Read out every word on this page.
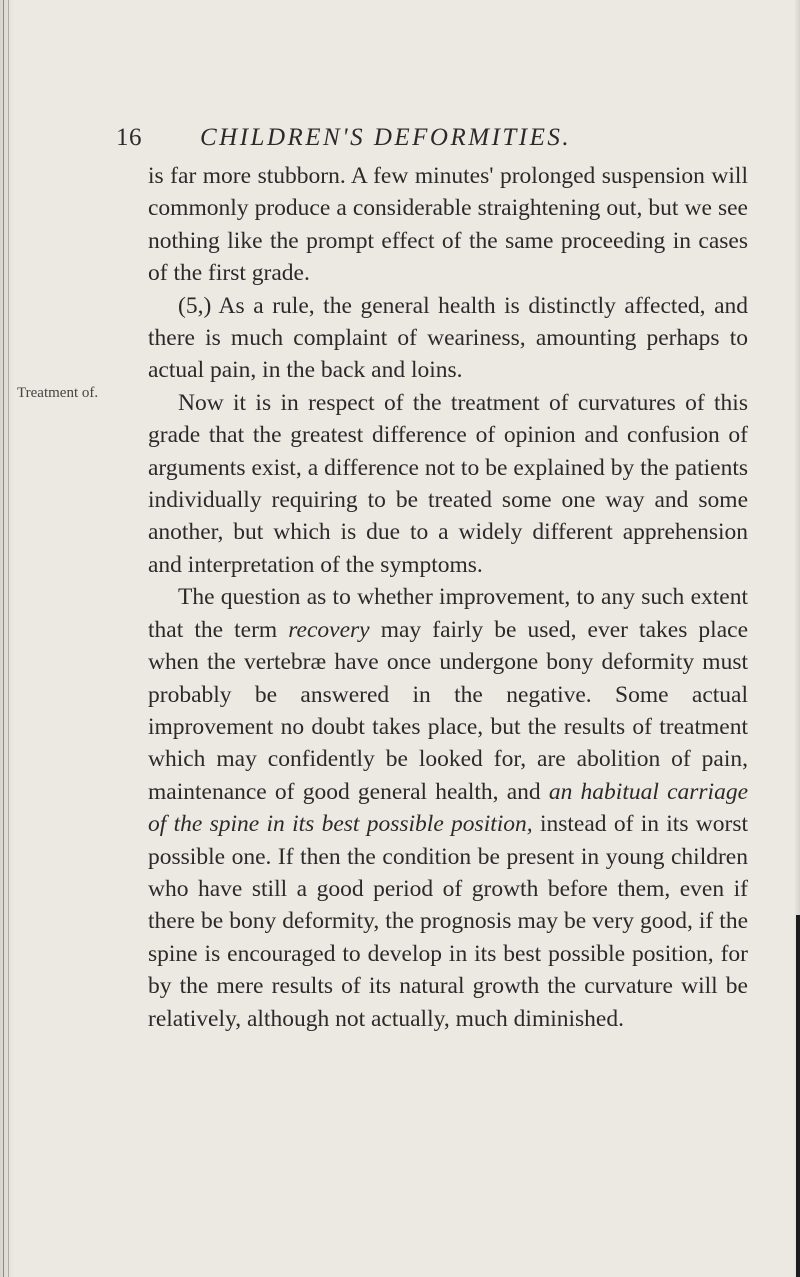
16 CHILDREN'S DEFORMITIES.
Treatment of.

is far more stubborn. A few minutes' prolonged suspension will commonly produce a considerable straightening out, but we see nothing like the prompt effect of the same proceeding in cases of the first grade.

(5,) As a rule, the general health is distinctly affected, and there is much complaint of weariness, amounting perhaps to actual pain, in the back and loins.

Now it is in respect of the treatment of curvatures of this grade that the greatest difference of opinion and confusion of arguments exist, a difference not to be explained by the patients individually requiring to be treated some one way and some another, but which is due to a widely different apprehension and interpretation of the symptoms.

The question as to whether improvement, to any such extent that the term recovery may fairly be used, ever takes place when the vertebræ have once undergone bony deformity must probably be answered in the negative. Some actual improvement no doubt takes place, but the results of treatment which may confidently be looked for, are abolition of pain, maintenance of good general health, and an habitual carriage of the spine in its best possible position, instead of in its worst possible one. If then the condition be present in young children who have still a good period of growth before them, even if there be bony deformity, the prognosis may be very good, if the spine is encouraged to develop in its best possible position, for by the mere results of its natural growth the curvature will be relatively, although not actually, much diminished.
